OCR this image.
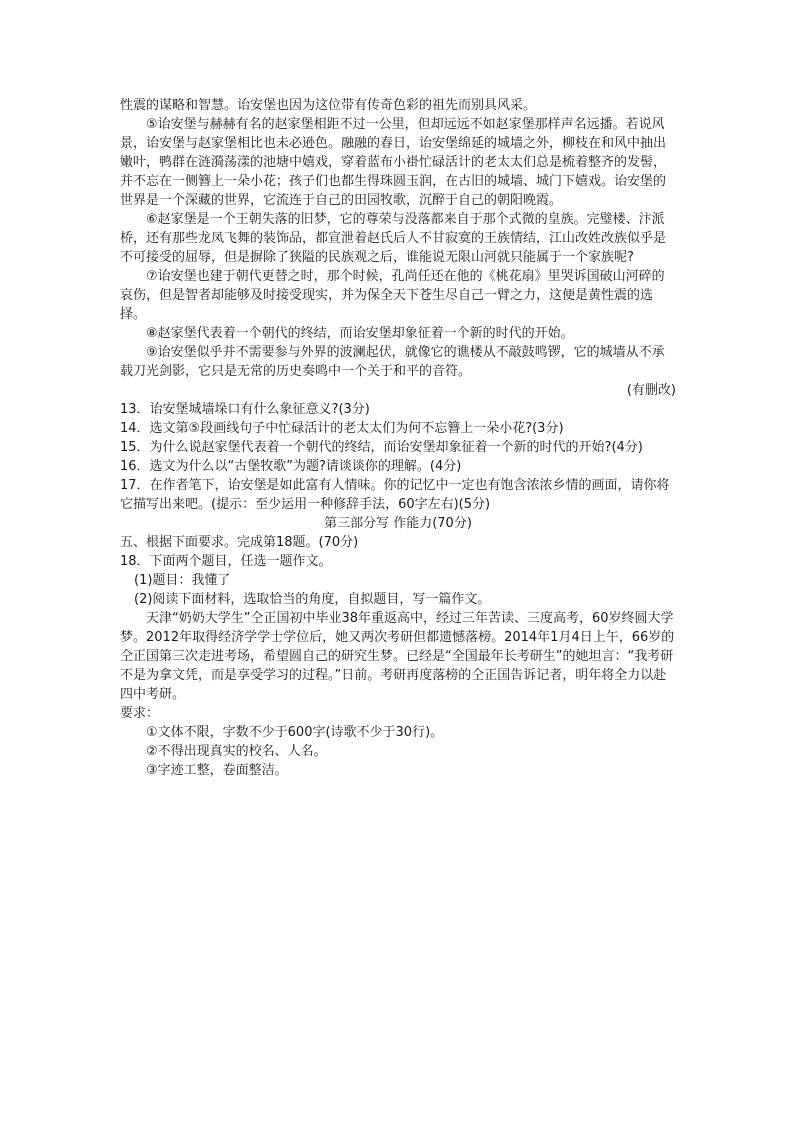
性震的谋略和智慧。诒安堡也因为这位带有传奇色彩的祖先而别具风采。

⑤诒安堡与赫赫有名的赵家堡相距不过一公里，但却远远不如赵家堡那样声名远播。若说风景，诒安堡与赵家堡相比也未必逊色。融融的春日，诒安堡绵延的城墙之外，柳枝在和风中抽出嫩叶，鸭群在涟漪荡漾的池塘中嬉戏，穿着蓝布小褂忙碌活计的老太太们总是梳着整齐的发髻，并不忘在一侧簪上一朵小花；孩子们也都生得珠圆玉润，在古旧的城墙、城门下嬉戏。诒安堡的世界是一个深藏的世界，它流连于自己的田园牧歌，沉醉于自己的朝阳晚霞。

⑥赵家堡是一个王朝失落的旧梦，它的尊荣与没落都来自于那个式微的皇族。完璧楼、汴派桥，还有那些龙凤飞舞的装饰品，都宣泄着赵氏后人不甘寂寞的王族情结，江山改姓改族似乎是不可接受的屈辱，但是摒除了狭隘的民族观之后，谁能说无限山河就只能属于一个家族呢?

⑦诒安堡也建于朝代更替之时，那个时候，孔尚任还在他的《桃花扇》里哭诉国破山河碎的哀伤，但是智者却能够及时接受现实，并为保全天下苍生尽自己一臂之力，这便是黄性震的选择。

⑧赵家堡代表着一个朝代的终结，而诒安堡却象征着一个新的时代的开始。

⑨诒安堡似乎并不需要参与外界的波澜起伏，就像它的谯楼从不敲鼓鸣锣，它的城墙从不承载刀光剑影，它只是无常的历史奏鸣中一个关于和平的音符。

(有删改)

13．诒安堡城墙垛口有什么象征意义?(3分)

14．选文第⑤段画线句子中忙碌活计的老太太们为何不忘簪上一朵小花?(3分)

15．为什么说赵家堡代表着一个朝代的终结，而诒安堡却象征着一个新的时代的开始?(4分)

16．选文为什么以“古堡牧歌”为题?请谈谈你的理解。(4分)

17．在作者笔下，诒安堡是如此富有人情味。你的记忆中一定也有饱含浓浓乡情的画面，请你将它描写出来吧。(提示：至少运用一种修辞手法，60字左右)(5分)

第三部分写 作能力(70分)

五、根据下面要求。完成第18题。(70分)

18．下面两个题目，任选一题作文。

(1)题目：我懂了

(2)阅读下面材料，选取恰当的角度，自拟题目，写一篇作文。

天津“奶奶大学生”仝正国初中毕业38年重返高中，经过三年苦读、三度高考，60岁终圆大学梦。2012年取得经济学学士学位后，她又两次考研但都遗憾落榜。2014年1月4日上午，66岁的仝正国第三次走进考场，希望圆自己的研究生梦。已经是“全国最年长考研生”的她坦言：“我考研不是为拿文凭，而是享受学习的过程。”日前。考研再度落榜的仝正国告诉记者，明年将全力以赴四中考研。

要求：

①文体不限，字数不少于600字(诗歌不少于30行)。

②不得出现真实的校名、人名。

③字迹工整，卷面整洁。
